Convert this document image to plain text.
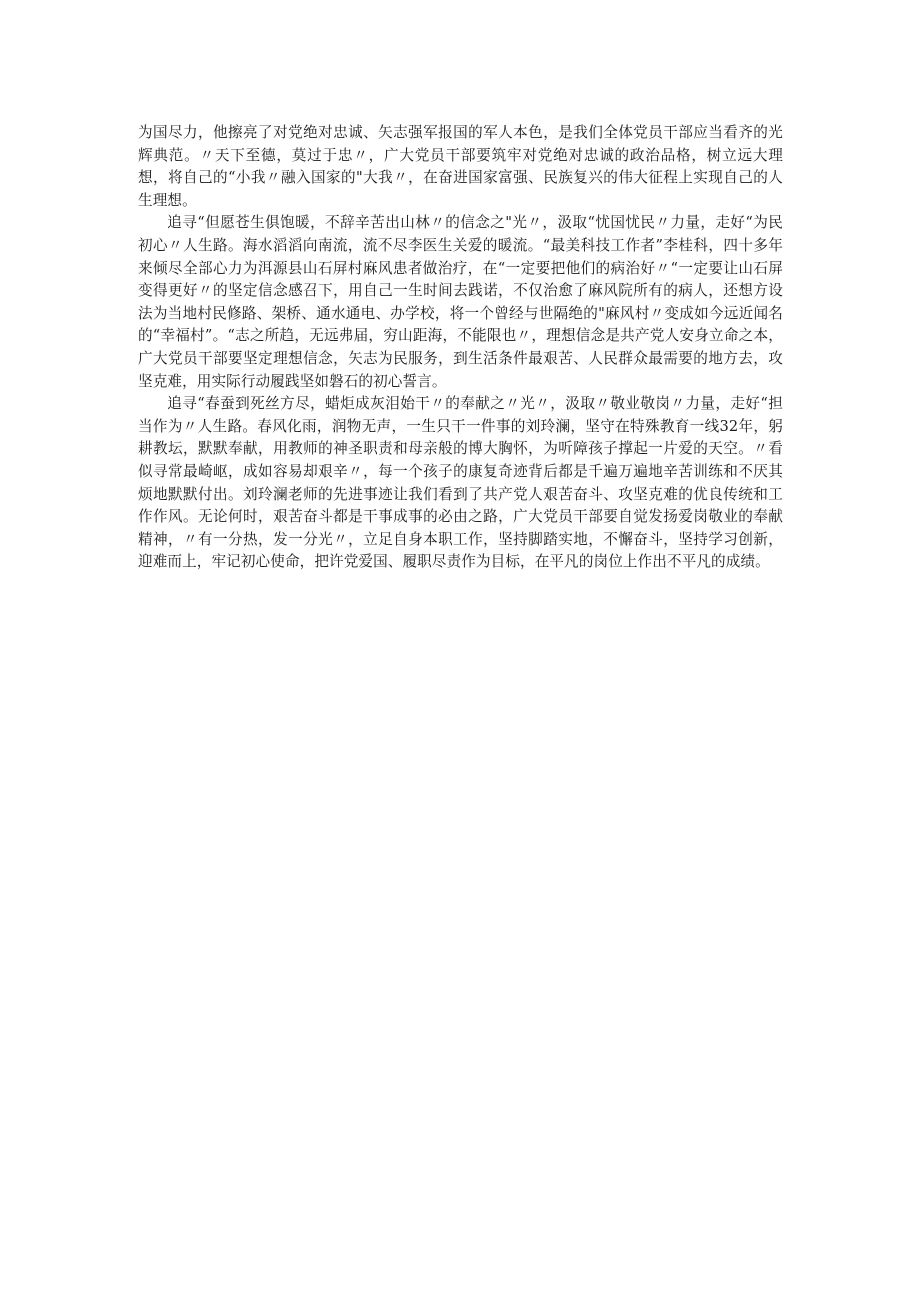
为国尽力，他擦亮了对党绝对忠诚、矢志强军报国的军人本色，是我们全体党员干部应当看齐的光辉典范。〃天下至德，莫过于忠〃，广大党员干部要筑牢对党绝对忠诚的政治品格，树立远大理想，将自己的“小我〃融入国家的"大我〃，在奋进国家富强、民族复兴的伟大征程上实现自己的人生理想。

追寻“但愿苍生俱饱暖，不辞辛苦出山林〃的信念之"光〃，汲取“忧国忧民〃力量，走好“为民初心〃人生路。海水滔滔向南流，流不尽李医生关爱的暖流。“最美科技工作者”李桂科，四十多年来倾尽全部心力为洱源县山石屏村麻风患者做治疗，在“一定要把他们的病治好〃“一定要让山石屏变得更好〃的坚定信念感召下，用自己一生时间去践诺，不仅治愈了麻风院所有的病人，还想方设法为当地村民修路、架桥、通水通电、办学校，将一个曾经与世隔绝的"麻风村〃变成如今远近闻名的“幸福村”。“志之所趋，无远弗届，穷山距海，不能限也〃，理想信念是共产党人安身立命之本，广大党员干部要坚定理想信念，矢志为民服务，到生活条件最艰苦、人民群众最需要的地方去，攻坚克难，用实际行动履践坚如磐石的初心誓言。

追寻“春蚕到死丝方尽，蜡炬成灰泪始干〃的奉献之〃光〃，汲取〃敬业敬岗〃力量，走好“担当作为〃人生路。春风化雨，润物无声，一生只干一件事的刘玲澜，坚守在特殊教育一线32年，躬耕教坛，默默奉献，用教师的神圣职责和母亲般的博大胸怀，为听障孩子撑起一片爱的天空。〃看似寻常最崎岖，成如容易却艰辛〃，每一个孩子的康复奇迹背后都是千遍万遍地辛苦训练和不厌其烦地默默付出。刘玲澜老师的先进事迹让我们看到了共产党人艰苦奋斗、攻坚克难的优良传统和工作作风。无论何时，艰苦奋斗都是干事成事的必由之路，广大党员干部要自觉发扬爱岗敬业的奉献精神，〃有一分热，发一分光〃，立足自身本职工作，坚持脚踏实地，不懈奋斗，坚持学习创新，迎难而上，牢记初心使命，把许党爱国、履职尽责作为目标，在平凡的岗位上作出不平凡的成绩。
